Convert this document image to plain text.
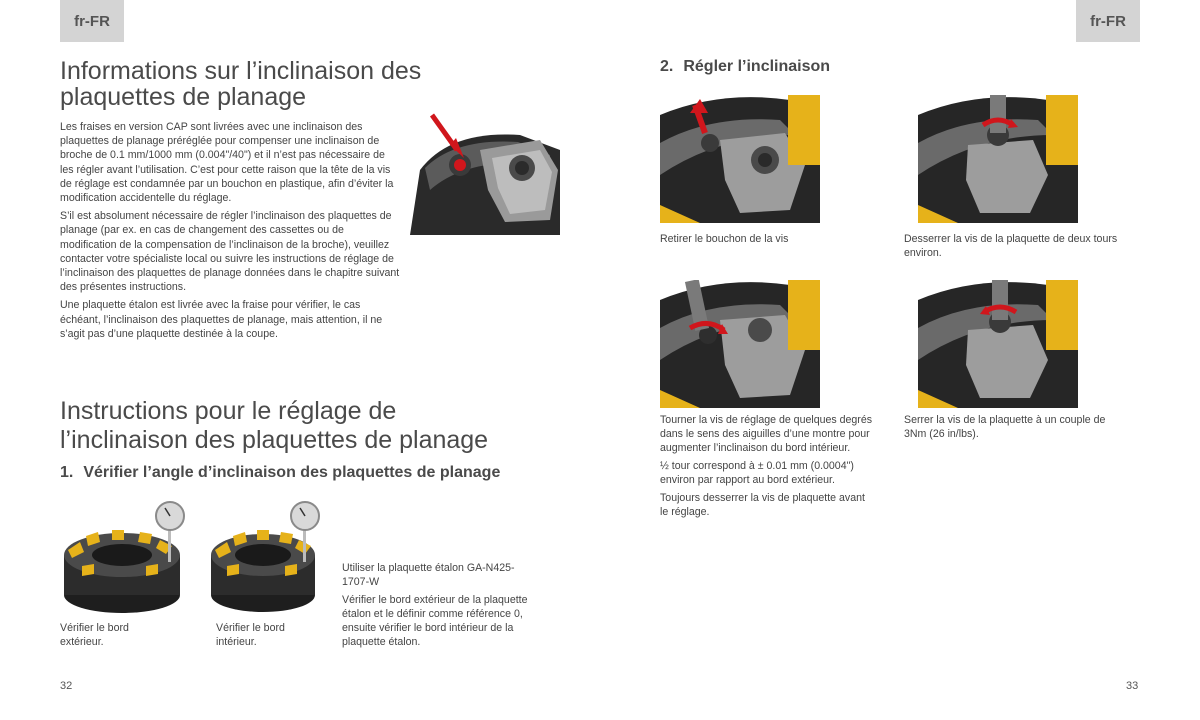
fr-FR

Informations sur l’inclinaison des

plaquettes de planage

Les fraises en version CAP sont livrées avec une inclinaison des plaquettes de planage préréglée pour compenser une inclinaison de broche de 0.1 mm/1000 mm (0.004"/40") et il n’est pas nécessaire de les régler avant l’utilisation. C’est pour cette raison que la tête de la vis de réglage est condamnée par un bouchon en plastique, afin d’éviter la modification accidentelle du réglage.

S’il est absolument nécessaire de régler l’inclinaison des plaquettes de planage (par ex. en cas de changement des cassettes ou de modification de la compensation de l’inclinaison de la broche), veuillez contacter votre spécialiste local ou suivre les instructions de réglage de l’inclinaison des plaquettes de planage données dans le chapitre suivant des présentes instructions.

Une plaquette étalon est livrée avec la fraise pour vérifier, le cas échéant, l’inclinaison des plaquettes de planage, mais attention, il ne s’agit pas d’une plaquette destinée à la coupe.

Instructions pour le réglage de

l’inclinaison des plaquettes de planage

1. Vérifier l’angle d’inclinaison des plaquettes de planage

Vérifier le bord extérieur.

Vérifier le bord intérieur.

Utiliser la plaquette étalon GA-N425-1707-W

Vérifier le bord extérieur de la plaquette étalon et le définir comme référence 0, ensuite vérifier le bord intérieur de la plaquette étalon.

32
fr-FR
2. Régler l’inclinaison

Retirer le bouchon de la vis	Desserrer la vis de la plaquette de deux tours environ.

Tourner la vis de réglage de quelques degrés dans le sens des aiguilles d’une montre pour augmenter l’inclinaison du bord intérieur.

½ tour correspond à ± 0.01 mm (0.0004") environ par rapport au bord extérieur.

Toujours desserrer la vis de plaquette avant le réglage.

Serrer la vis de la plaquette à un couple de 3Nm (26 in/lbs).

33
